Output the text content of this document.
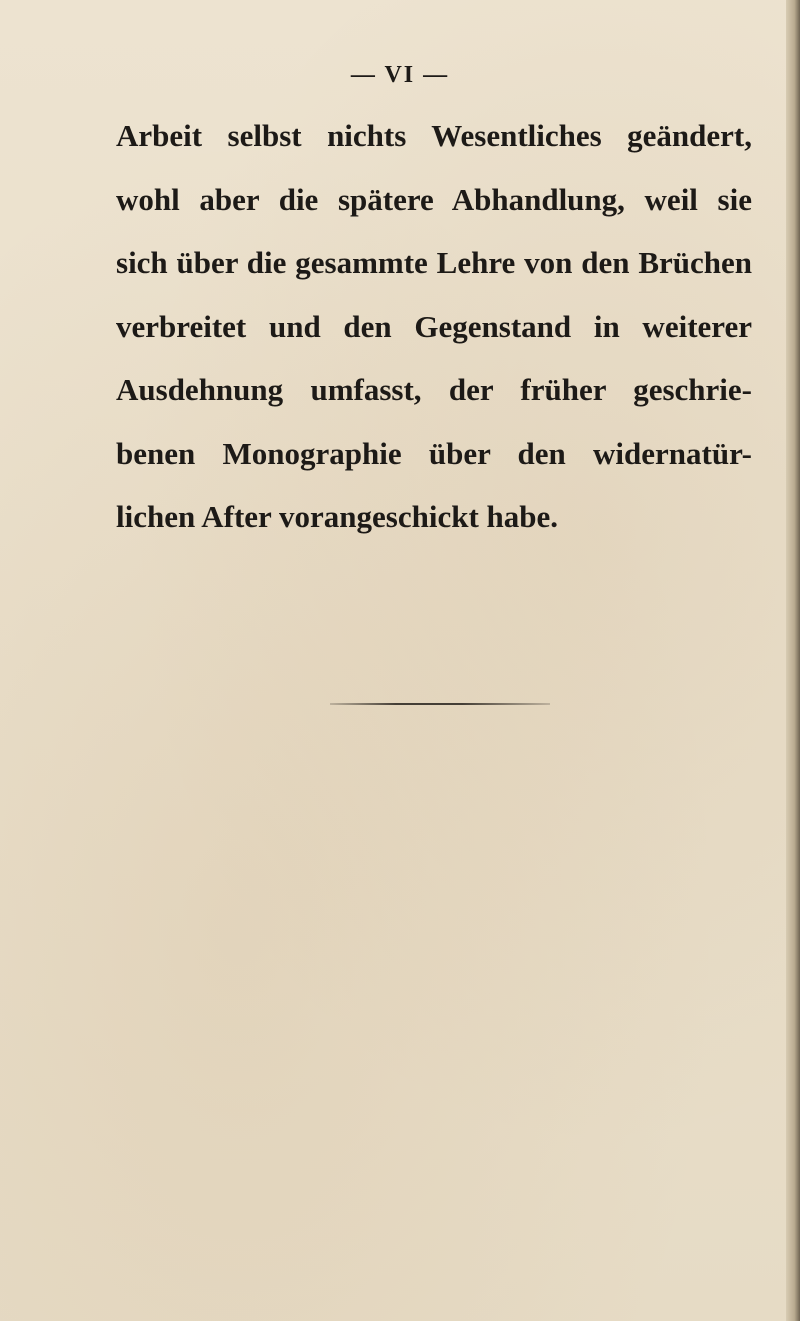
— VI —
Arbeit selbst nichts Wesentliches geändert,
wohl aber die spätere Abhandlung, weil sie
sich über die gesammte Lehre von den Brüchen
verbreitet und den Gegenstand in weiterer
Ausdehnung umfasst, der früher geschrie-
benen Monographie über den widernatür-
lichen After vorangeschickt habe.
